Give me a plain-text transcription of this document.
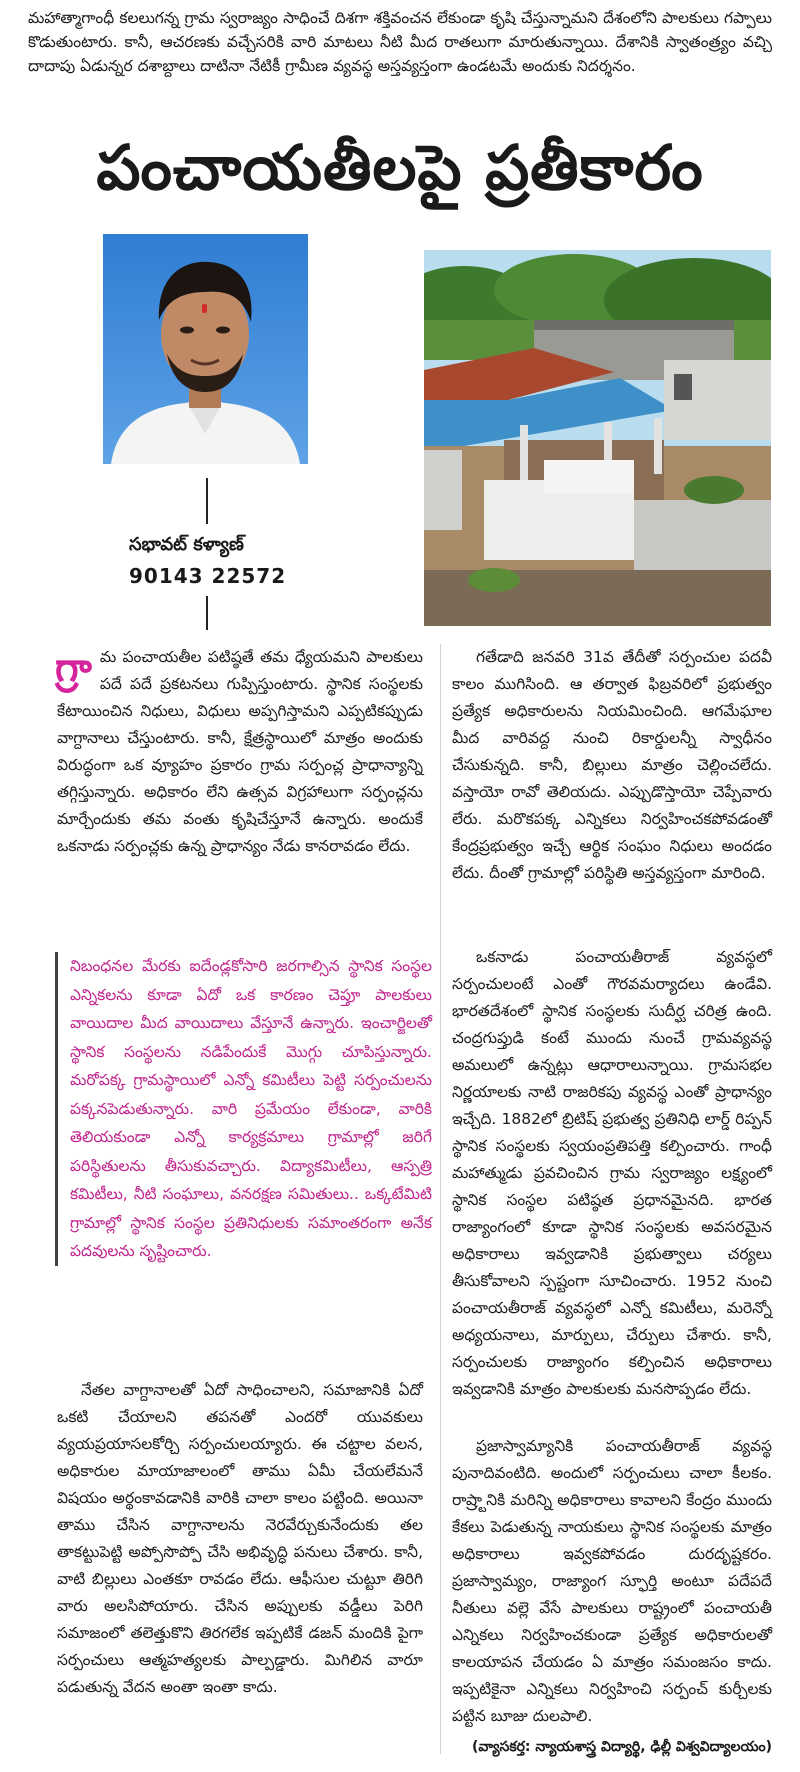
మహాత్మాగాంధీ కలలుగన్న గ్రామ స్వరాజ్యం సాధించే దిశగా శక్తివంచన లేకుండా కృషి చేస్తున్నామని దేశంలోని పాలకులు గప్పాలు కొడుతుంటారు. కానీ, ఆచరణకు వచ్చేసరికి వారి మాటలు నీటి మీద రాతలుగా మారుతున్నాయి. దేశానికి స్వాతంత్ర్యం వచ్చి దాదాపు ఏడున్నర దశాబ్దాలు దాటినా నేటికీ గ్రామీణ వ్యవస్థ అస్తవ్యస్తంగా ఉండటమే అందుకు నిదర్శనం.

పంచాయతీలపై ప్రతీకారం

సభావట్ కళ్యాణ్

90143 22572

గ్రా మ పంచాయతీల పటిష్ఠతే తమ ధ్యేయమని పాలకులు పదే పదే ప్రకటనలు గుప్పిస్తుంటారు. స్థానిక సంస్థలకు కేటాయించిన నిధులు, విధులు అప్పగిస్తామని ఎప్పటికప్పుడు వాగ్దానాలు చేస్తుంటారు. కానీ, క్షేత్రస్థాయిలో మాత్రం అందుకు విరుద్ధంగా ఒక వ్యూహం ప్రకారం గ్రామ సర్పంచ్ల ప్రాధాన్యాన్ని తగ్గిస్తున్నారు. అధికారం లేని ఉత్సవ విగ్రహాలుగా సర్పంచ్లను మార్చేందుకు తమ వంతు కృషిచేస్తూనే ఉన్నారు. అందుకే ఒకనాడు సర్పంచ్లకు ఉన్న ప్రాధాన్యం నేడు కానరావడం లేదు.

నిబంధనల మేరకు ఐదేండ్లకోసారి జరగాల్సిన స్థానిక సంస్థల ఎన్నికలను కూడా ఏదో ఒక కారణం చెప్తూ పాలకులు వాయిదాల మీద వాయిదాలు వేస్తూనే ఉన్నారు. ఇంచార్జిలతో స్థానిక సంస్థలను నడిపేందుకే మొగ్గు చూపిస్తున్నారు. మరోపక్క గ్రామస్థాయిలో ఎన్నో కమిటీలు పెట్టి సర్పంచులను పక్కనపెడుతున్నారు. వారి ప్రమేయం లేకుండా, వారికి తెలియకుండా ఎన్నో కార్యక్రమాలు గ్రామాల్లో జరిగే పరిస్థితులను తీసుకువచ్చారు. విద్యాకమిటీలు, ఆస్పత్రి కమిటీలు, నీటి సంఘాలు, వనరక్షణ సమితులు.. ఒక్కటేమిటి గ్రామాల్లో స్థానిక సంస్థల ప్రతినిధులకు సమాంతరంగా అనేక పదవులను సృష్టించారు.

నేతల వాగ్దానాలతో ఏదో సాధించాలని, సమాజానికి ఏదో ఒకటి చేయాలని తపనతో ఎందరో యువకులు వ్యయప్రయాసలకోర్చి సర్పంచులయ్యారు. ఈ చట్టాల వలన, అధికారుల మాయాజాలంలో తాము ఏమీ చేయలేమనే విషయం అర్థంకావడానికి వారికి చాలా కాలం పట్టింది. అయినా తాము చేసిన వాగ్దానాలను నెరవేర్చుకునేందుకు తల తాకట్టుపెట్టి అప్పోసొప్పో చేసి అభివృద్ధి పనులు చేశారు. కానీ, వాటి బిల్లులు ఎంతకూ రావడం లేదు. ఆఫీసుల చుట్టూ తిరిగి వారు అలసిపోయారు. చేసిన అప్పులకు వడ్డీలు పెరిగి సమాజంలో తలెత్తుకొని తిరగలేక ఇప్పటికే డజన్ మందికి పైగా సర్పంచులు ఆత్మహత్యలకు పాల్పడ్డారు. మిగిలిన వారూ పడుతున్న వేదన అంతా ఇంతా కాదు.

గతేడాది జనవరి 31వ తేదీతో సర్పంచుల పదవీ కాలం ముగిసింది. ఆ తర్వాత ఫిబ్రవరిలో ప్రభుత్వం ప్రత్యేక అధికారులను నియమించింది. ఆగమేఘాల మీద వారివద్ద నుంచి రికార్డులన్నీ స్వాధీనం చేసుకున్నది. కానీ, బిల్లులు మాత్రం చెల్లించలేదు. వస్తాయో రావో తెలియదు. ఎప్పుడొస్తాయో చెప్పేవారు లేరు. మరొకపక్క ఎన్నికలు నిర్వహించకపోవడంతో కేంద్రప్రభుత్వం ఇచ్చే ఆర్థిక సంఘం నిధులు అందడం లేదు. దీంతో గ్రామాల్లో పరిస్థితి అస్తవ్యస్తంగా మారింది.

ఒకనాడు పంచాయతీరాజ్ వ్యవస్థలో సర్పంచులంటే ఎంతో గౌరవమర్యాదలు ఉండేవి. భారతదేశంలో స్థానిక సంస్థలకు సుదీర్ఘ చరిత్ర ఉంది. చంద్రగుప్తుడి కంటే ముందు నుంచే గ్రామవ్యవస్థ అమలులో ఉన్నట్లు ఆధారాలున్నాయి. గ్రామసభల నిర్ణయాలకు నాటి రాజరికపు వ్యవస్థ ఎంతో ప్రాధాన్యం ఇచ్చేది. 1882లో బ్రిటిష్ ప్రభుత్వ ప్రతినిధి లార్డ్ రిప్పన్ స్థానిక సంస్థలకు స్వయంప్రతిపత్తి కల్పించారు. గాంధీ మహాత్ముడు ప్రవచించిన గ్రామ స్వరాజ్యం లక్ష్యంలో స్థానిక సంస్థల పటిష్ఠత ప్రధానమైనది. భారత రాజ్యాంగంలో కూడా స్థానిక సంస్థలకు అవసరమైన అధికారాలు ఇవ్వడానికి ప్రభుత్వాలు చర్యలు తీసుకోవాలని స్పష్టంగా సూచించారు. 1952 నుంచి పంచాయతీరాజ్ వ్యవస్థలో ఎన్నో కమిటీలు, మరెన్నో అధ్యయనాలు, మార్పులు, చేర్పులు చేశారు. కానీ, సర్పంచులకు రాజ్యాంగం కల్పించిన అధికారాలు ఇవ్వడానికి మాత్రం పాలకులకు మనసొప్పడం లేదు.

ప్రజాస్వామ్యానికి పంచాయతీరాజ్ వ్యవస్థ పునాదివంటిది. అందులో సర్పంచులు చాలా కీలకం. రాష్ర్టానికి మరిన్ని అధికారాలు కావాలని కేంద్రం ముందు కేకలు పెడుతున్న నాయకులు స్థానిక సంస్థలకు మాత్రం అధికారాలు ఇవ్వకపోవడం దురదృష్టకరం. ప్రజాస్వామ్యం, రాజ్యాంగ స్ఫూర్తి అంటూ పదేపదే నీతులు వల్లె వేసే పాలకులు రాష్ట్రంలో పంచాయతీ ఎన్నికలు నిర్వహించకుండా ప్రత్యేక అధికారులతో కాలయాపన చేయడం ఏ మాత్రం సమంజసం కాదు. ఇప్పటికైనా ఎన్నికలు నిర్వహించి సర్పంచ్ కుర్చీలకు పట్టిన బూజు దులపాలి.

(వ్యాసకర్త: న్యాయశాస్త్ర విద్యార్థి, ఢిల్లీ విశ్వవిద్యాలయం)
